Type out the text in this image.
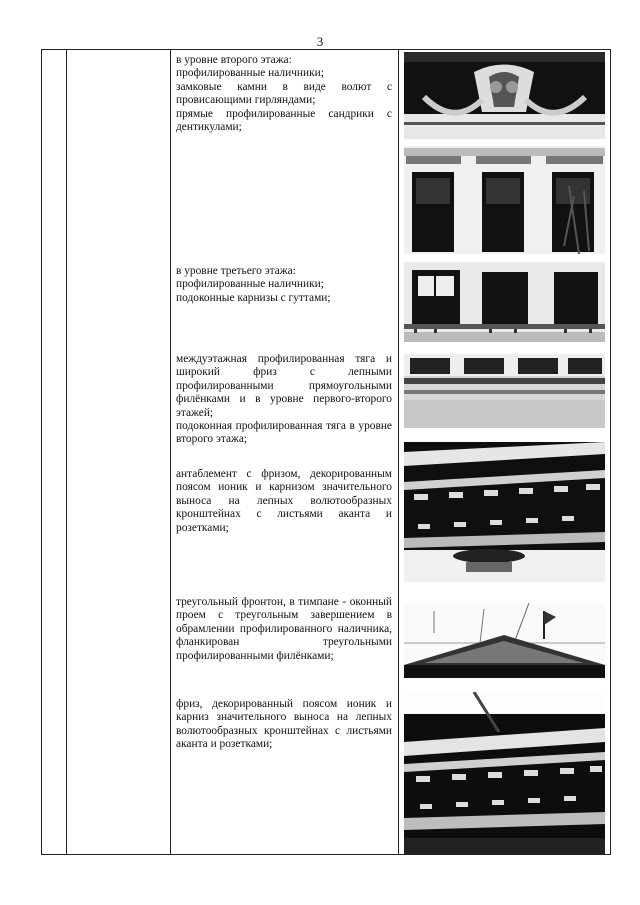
3

в уровне второго этажа:

профилированные наличники;

замковые камни в виде волют с провисающими гирляндами;

прямые профилированные сандрики с дентикулами;

в уровне третьего этажа:

профилированные наличники;

подоконные карнизы с гуттами;

междуэтажная профилированная тяга и широкий фриз с лепными профилированными прямоугольными филёнками и в уровне первого-второго этажей;

подоконная профилированная тяга в уровне второго этажа;

антаблемент с фризом, декорированным поясом ионик и карнизом значительного выноса на лепных волютообразных кронштейнах с листьями аканта и розетками;

треугольный фронтон, в тимпане - оконный проем с треугольным завершением в обрамлении профилированного наличника, фланкирован треугольными профилированными филёнками;

фриз, декорированный поясом ионик и карниз значительного выноса на лепных волютообразных кронштейнах с листьями аканта и розетками;
